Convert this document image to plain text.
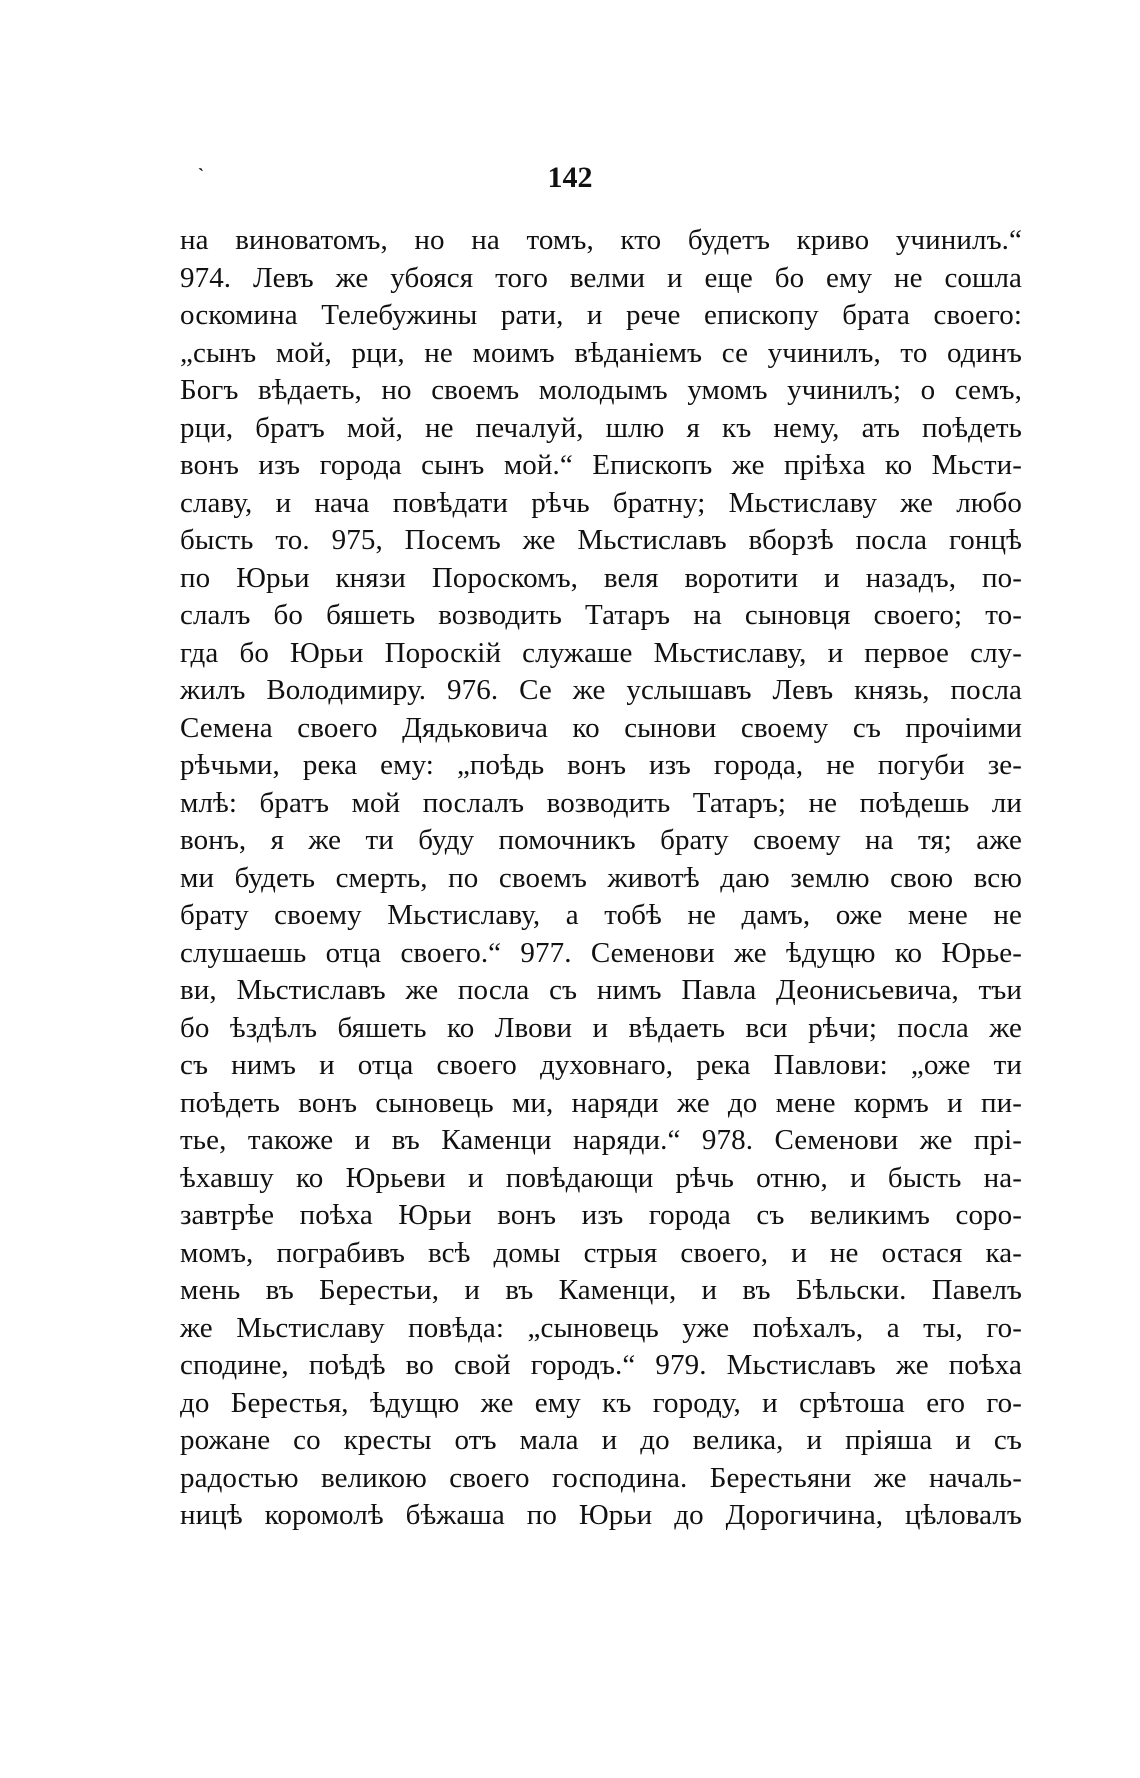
`	142
на виноватомъ, но на томъ, кто будетъ криво учинилъ.“
974. Левъ же убояся того велми и еще бо ему не сошла
оскомина Телебужины рати, и рече епископу брата своего:
„сынъ мой, рци, не моимъ вѣданіемъ се учинилъ, то одинъ
Богъ вѣдаеть, но своемъ молодымъ умомъ учинилъ; о семъ,
рци, братъ мой, не печалуй, шлю я къ нему, ать поѣдеть
вонъ изъ города сынъ мой.“ Епископъ же пріѣха ко Мьсти-
славу, и нача повѣдати рѣчь братну; Мьстиславу же любо
бысть то. 975, Посемъ же Мьстиславъ вборзѣ посла гонцѣ
по Юрьи князи Пороскомъ, веля воротити и назадъ, по-
слалъ бо бяшеть возводить Татаръ на сыновця своего; то-
гда бо Юрьи Пороскій служаше Мьстиславу, и первое слу-
жилъ Володимиру. 976. Се же услышавъ Левъ князь, посла
Семена своего Дядьковича ко сынови своему съ прочіими
рѣчьми, река ему: „поѣдь вонъ изъ города, не погуби зе-
млѣ: братъ мой послалъ возводить Татаръ; не поѣдешь ли
вонъ, я же ти буду помочникъ брату своему на тя; аже
ми будеть смерть, по своемъ животѣ даю землю свою всю
брату своему Мьстиславу, а тобѣ не дамъ, оже мене не
слушаешь отца своего.“ 977. Семенови же ѣдущю ко Юрье-
ви, Мьстиславъ же посла съ нимъ Павла Деонисьевича, тъи
бо ѣздѣлъ бяшеть ко Лвови и вѣдаеть вси рѣчи; посла же
съ нимъ и отца своего духовнаго, река Павлови: „оже ти
поѣдеть вонъ сыновець ми, наряди же до мене кормъ и пи-
тье, такоже и въ Каменци наряди.“ 978. Семенови же прі-
ѣхавшу ко Юрьеви и повѣдающи рѣчь отню, и бысть на-
завтрѣе поѣха Юрьи вонъ изъ города съ великимъ соро-
момъ, пограбивъ всѣ домы стрыя своего, и не остася ка-
мень въ Берестьи, и въ Каменци, и въ Бѣльски. Павелъ
же Мьстиславу повѣда: „сыновець уже поѣхалъ, а ты, го-
сподине, поѣдѣ во свой городъ.“ 979. Мьстиславъ же поѣха
до Берестья, ѣдущю же ему къ городу, и срѣтоша его го-
рожане со кресты отъ мала и до велика, и пріяша и съ
радостью великою своего господина. Берестьяни же началь-
ницѣ коромолѣ бѣжаша по Юрьи до Дорогичина, цѣловалъ
